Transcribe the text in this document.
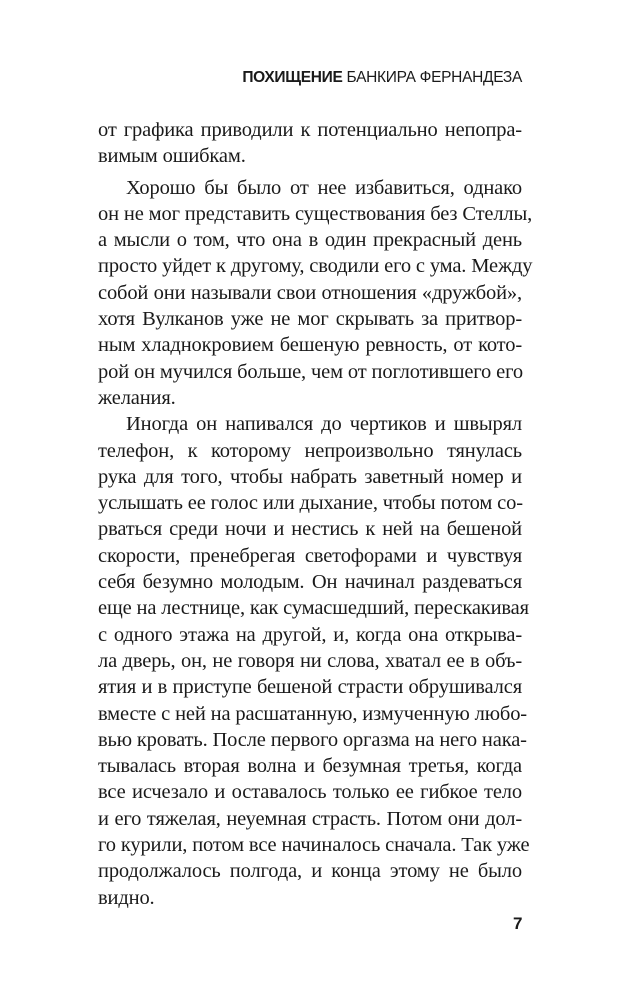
ПОХИЩЕНИЕ БАНКИРА ФЕРНАНДЕЗА
от графика приводили к потенциально непопра-
вимым ошибкам.
Хорошо бы было от нее избавиться, однако
он не мог представить существования без Стеллы,
а мысли о том, что она в один прекрасный день
просто уйдет к другому, сводили его с ума. Между
собой они называли свои отношения «дружбой»,
хотя Вулканов уже не мог скрывать за притвор-
ным хладнокровием бешеную ревность, от кото-
рой он мучился больше, чем от поглотившего его
желания.
Иногда он напивался до чертиков и швырял
телефон, к которому непроизвольно тянулась
рука для того, чтобы набрать заветный номер и
услышать ее голос или дыхание, чтобы потом со-
рваться среди ночи и нестись к ней на бешеной
скорости, пренебрегая светофорами и чувствуя
себя безумно молодым. Он начинал раздеваться
еще на лестнице, как сумасшедший, перескакивая
с одного этажа на другой, и, когда она открыва-
ла дверь, он, не говоря ни слова, хватал ее в объ-
ятия и в приступе бешеной страсти обрушивался
вместе с ней на расшатанную, измученную любо-
вью кровать. После первого оргазма на него нака-
тывалась вторая волна и безумная третья, когда
все исчезало и оставалось только ее гибкое тело
и его тяжелая, неуемная страсть. Потом они дол-
го курили, потом все начиналось сначала. Так уже
продолжалось полгода, и конца этому не было
видно.
7
